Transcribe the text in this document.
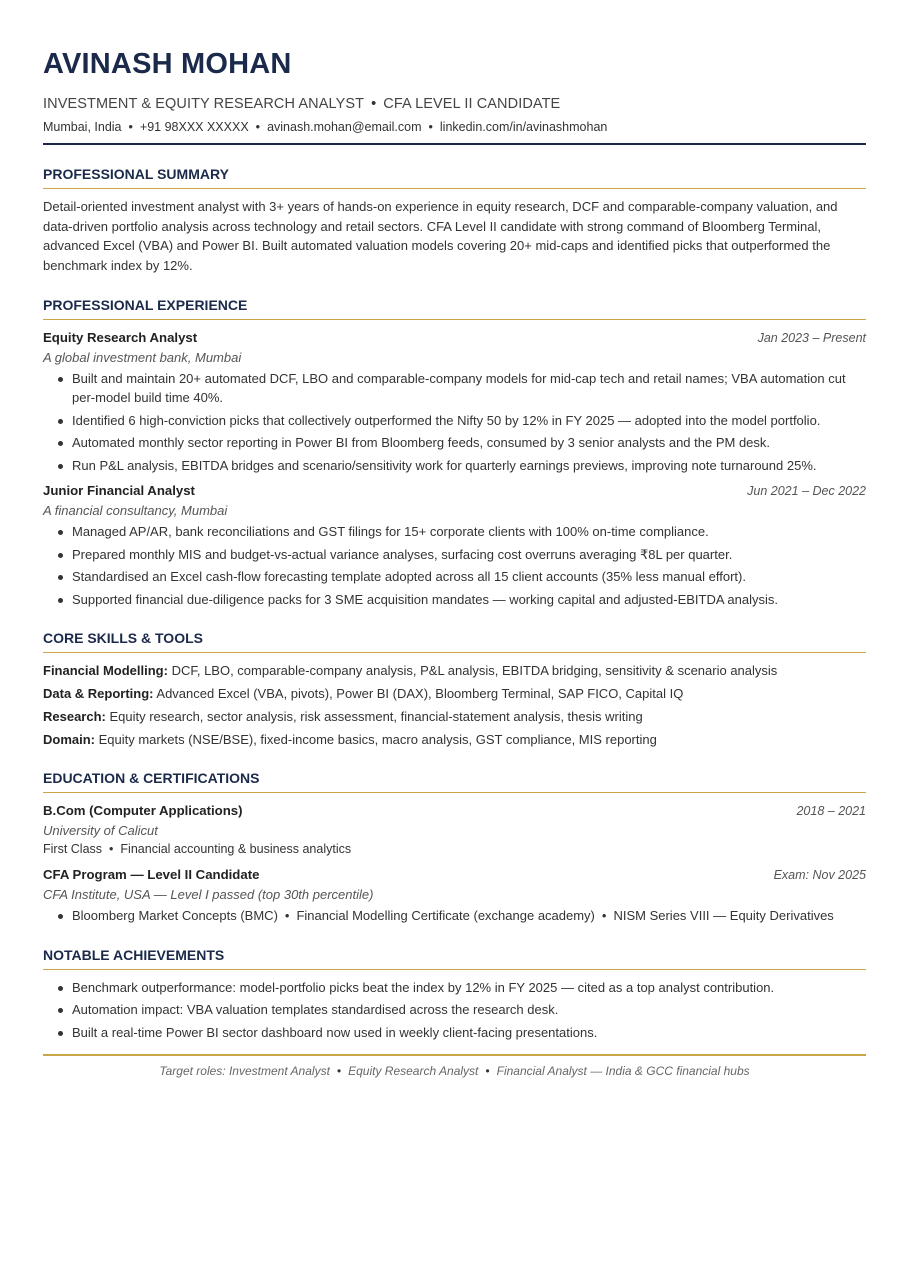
AVINASH MOHAN
INVESTMENT & EQUITY RESEARCH ANALYST • CFA LEVEL II CANDIDATE
Mumbai, India • +91 98XXX XXXXX • avinash.mohan@email.com • linkedin.com/in/avinashmohan
PROFESSIONAL SUMMARY

Detail-oriented investment analyst with 3+ years of hands-on experience in equity research, DCF and comparable-company valuation, and data-driven portfolio analysis across technology and retail sectors. CFA Level II candidate with strong command of Bloomberg Terminal, advanced Excel (VBA) and Power BI. Built automated valuation models covering 20+ mid-caps and identified picks that outperformed the benchmark index by 12%.

PROFESSIONAL EXPERIENCE
Equity Research Analyst	Jan 2023 – Present
A global investment bank, Mumbai
Built and maintain 20+ automated DCF, LBO and comparable-company models for mid-cap tech and retail names; VBA automation cut per-model build time 40%.
Identified 6 high-conviction picks that collectively outperformed the Nifty 50 by 12% in FY 2025 — adopted into the model portfolio.
Automated monthly sector reporting in Power BI from Bloomberg feeds, consumed by 3 senior analysts and the PM desk.
Run P&L analysis, EBITDA bridges and scenario/sensitivity work for quarterly earnings previews, improving note turnaround 25%.
Junior Financial Analyst	Jun 2021 – Dec 2022
A financial consultancy, Mumbai
Managed AP/AR, bank reconciliations and GST filings for 15+ corporate clients with 100% on-time compliance.
Prepared monthly MIS and budget-vs-actual variance analyses, surfacing cost overruns averaging ₹8L per quarter.
Standardised an Excel cash-flow forecasting template adopted across all 15 client accounts (35% less manual effort).
Supported financial due-diligence packs for 3 SME acquisition mandates — working capital and adjusted-EBITDA analysis.
CORE SKILLS & TOOLS
Financial Modelling: DCF, LBO, comparable-company analysis, P&L analysis, EBITDA bridging, sensitivity & scenario analysis
Data & Reporting: Advanced Excel (VBA, pivots), Power BI (DAX), Bloomberg Terminal, SAP FICO, Capital IQ
Research: Equity research, sector analysis, risk assessment, financial-statement analysis, thesis writing
Domain: Equity markets (NSE/BSE), fixed-income basics, macro analysis, GST compliance, MIS reporting
EDUCATION & CERTIFICATIONS
B.Com (Computer Applications)	2018 – 2021
University of Calicut
First Class • Financial accounting & business analytics
CFA Program — Level II Candidate	Exam: Nov 2025
CFA Institute, USA — Level I passed (top 30th percentile)
Bloomberg Market Concepts (BMC) • Financial Modelling Certificate (exchange academy) • NISM Series VIII — Equity Derivatives
NOTABLE ACHIEVEMENTS
Benchmark outperformance: model-portfolio picks beat the index by 12% in FY 2025 — cited as a top analyst contribution.
Automation impact: VBA valuation templates standardised across the research desk.
Built a real-time Power BI sector dashboard now used in weekly client-facing presentations.
Target roles: Investment Analyst • Equity Research Analyst • Financial Analyst — India & GCC financial hubs
